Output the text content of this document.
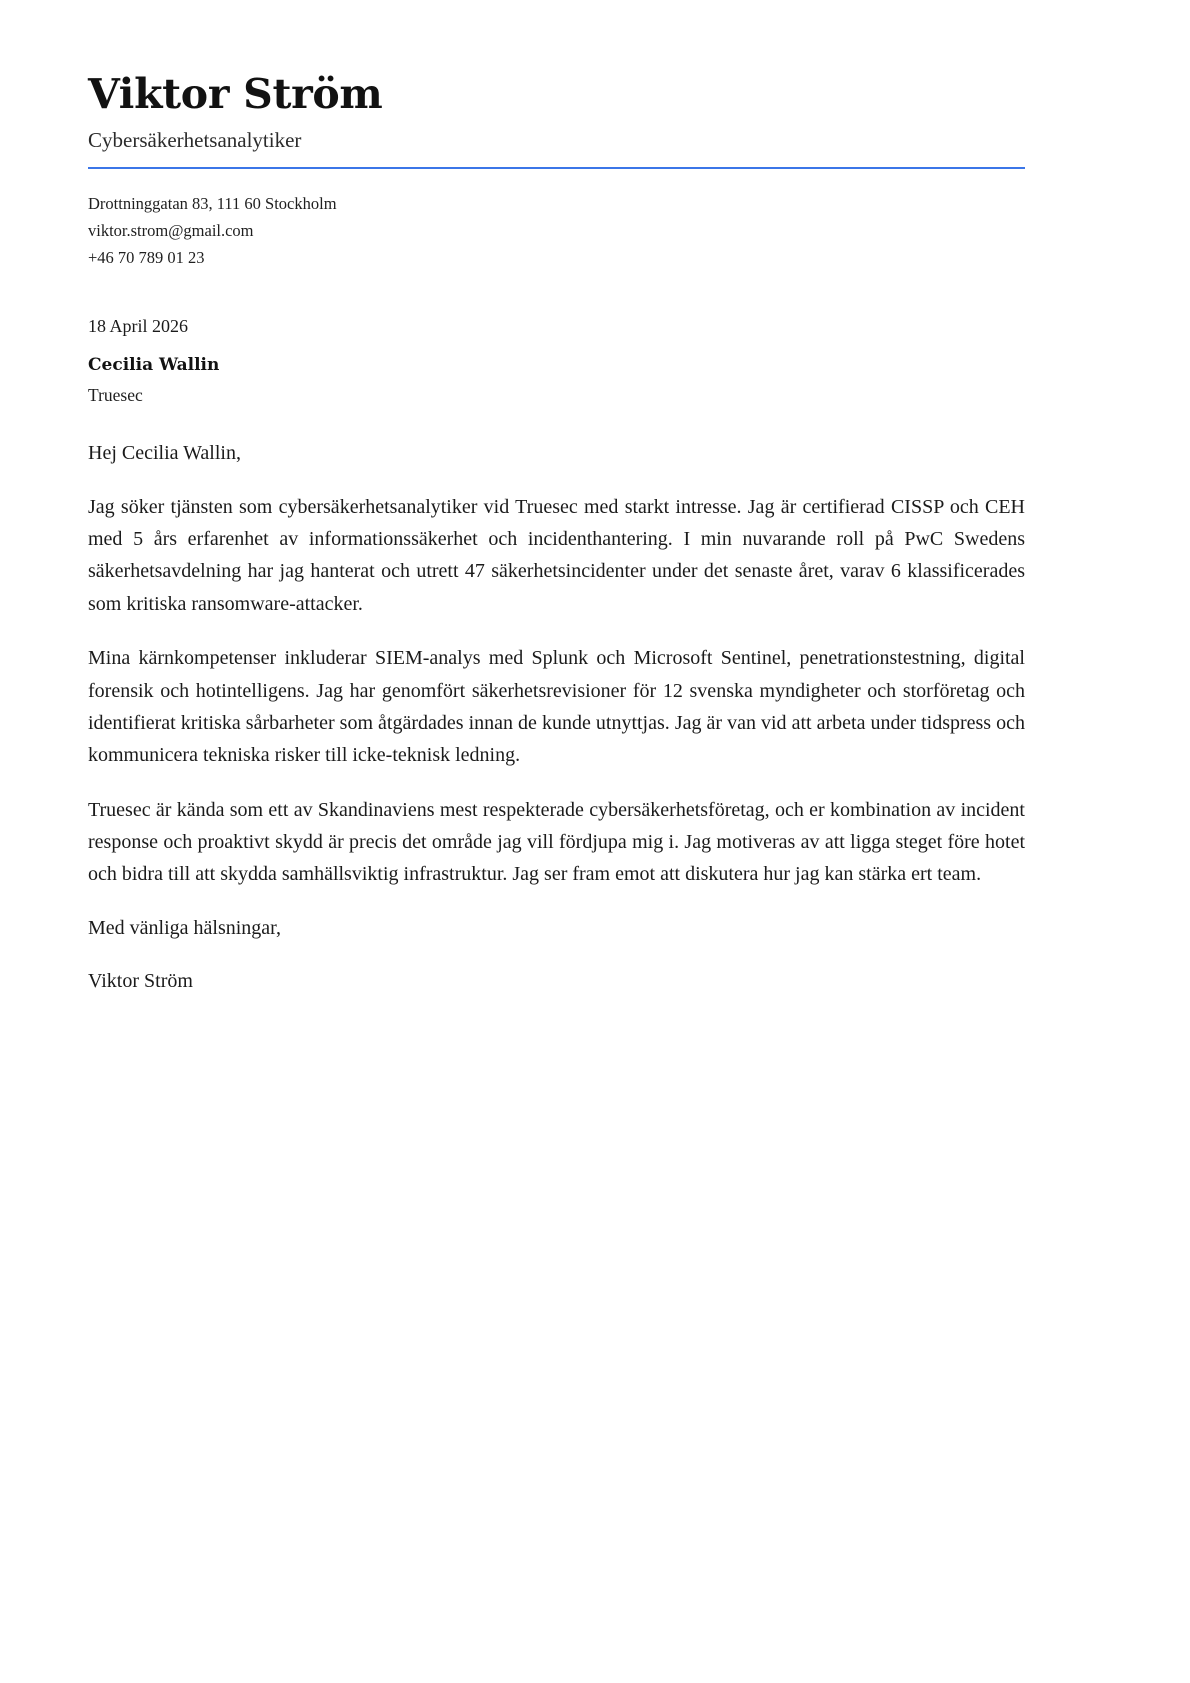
Viktor Ström
Cybersäkerhetsanalytiker
Drottninggatan 83, 111 60 Stockholm
viktor.strom@gmail.com
+46 70 789 01 23
18 April 2026
Cecilia Wallin
Truesec
Hej Cecilia Wallin,

Jag söker tjänsten som cybersäkerhetsanalytiker vid Truesec med starkt intresse. Jag är certifierad CISSP och CEH med 5 års erfarenhet av informationssäkerhet och incidenthantering. I min nuvarande roll på PwC Swedens säkerhetsavdelning har jag hanterat och utrett 47 säkerhetsincidenter under det senaste året, varav 6 klassificerades som kritiska ransomware-attacker.

Mina kärnkompetenser inkluderar SIEM-analys med Splunk och Microsoft Sentinel, penetrationstestning, digital forensik och hotintelligens. Jag har genomfört säkerhetsrevisioner för 12 svenska myndigheter och storföretag och identifierat kritiska sårbarheter som åtgärdades innan de kunde utnyttjas. Jag är van vid att arbeta under tidspress och kommunicera tekniska risker till icke-teknisk ledning.

Truesec är kända som ett av Skandinaviens mest respekterade cybersäkerhetsföretag, och er kombination av incident response och proaktivt skydd är precis det område jag vill fördjupa mig i. Jag motiveras av att ligga steget före hotet och bidra till att skydda samhällsviktig infrastruktur. Jag ser fram emot att diskutera hur jag kan stärka ert team.

Med vänliga hälsningar,
Viktor Ström
